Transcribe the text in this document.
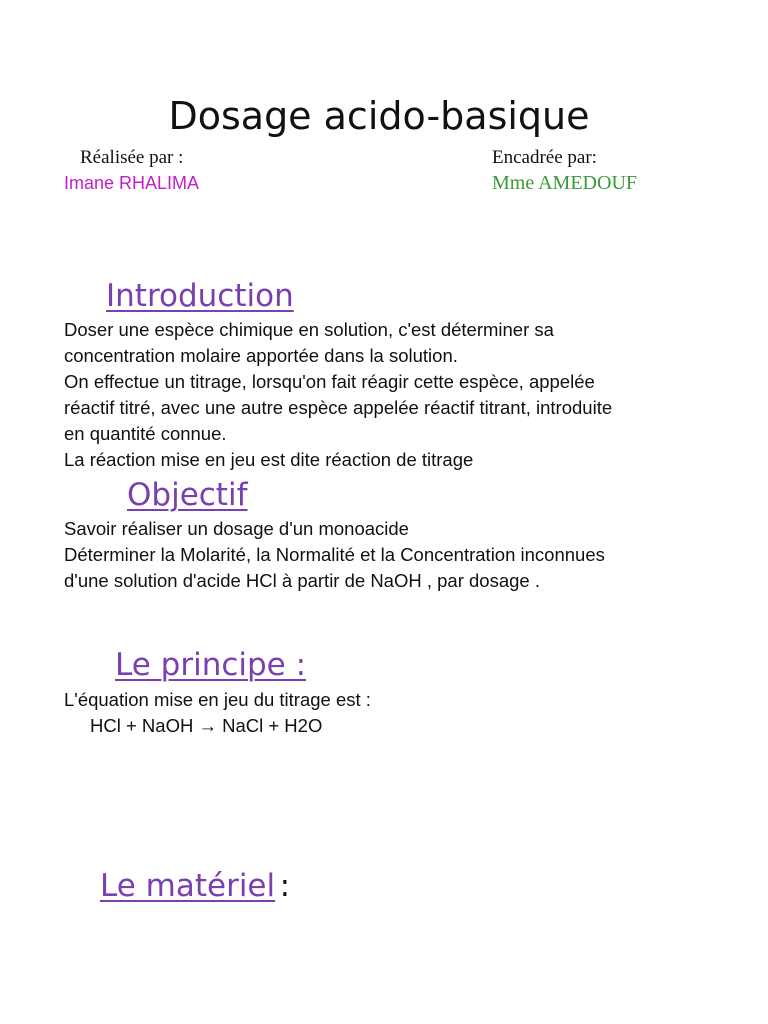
Dosage acido-basique
Réalisée par :
Imane RHALIMA
Encadrée par:
Mme AMEDOUF
Introduction
Doser une espèce chimique en solution, c'est déterminer sa
concentration molaire apportée dans la solution.
On effectue un titrage, lorsqu'on fait réagir cette espèce, appelée
réactif titré, avec une autre espèce appelée réactif titrant, introduite
en quantité connue.
La réaction mise en jeu est dite réaction de titrage
Objectif
Savoir réaliser un dosage d'un monoacide
Déterminer la Molarité, la Normalité et la Concentration inconnues
d'une solution d'acide HCl à partir de NaOH , par dosage .
Le principe :
L'équation mise en jeu du titrage est :
HCl + NaOH → NaCl + H2O
Le matériel :
